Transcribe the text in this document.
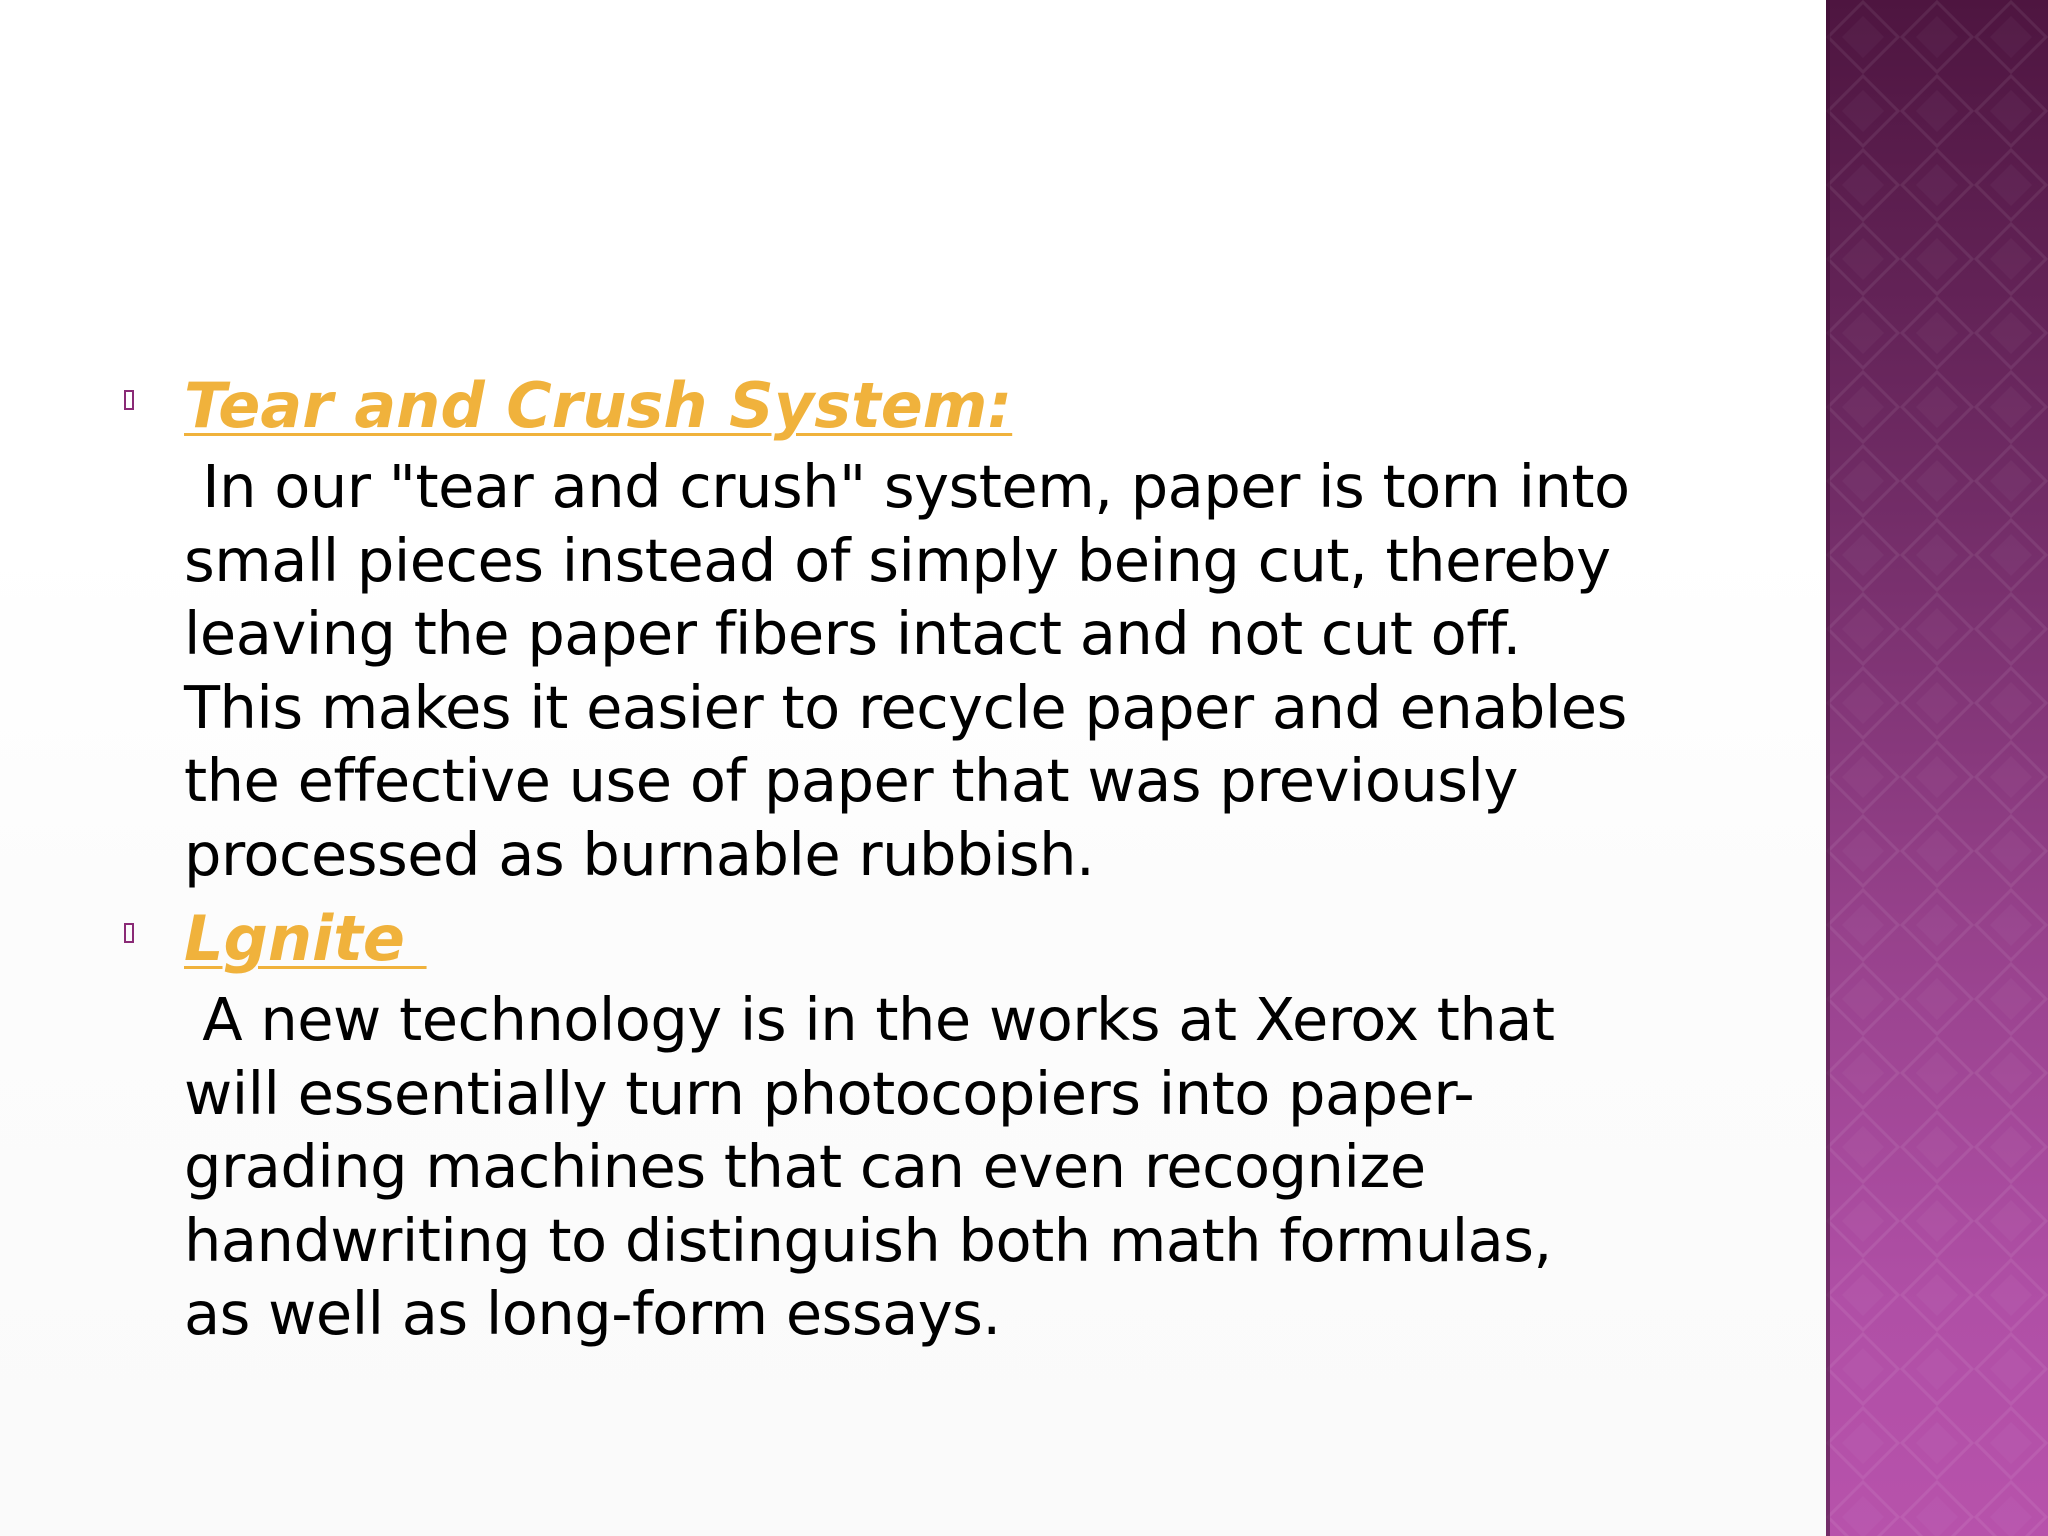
Tear and Crush System:

In our "tear and crush" system, paper is torn into
small pieces instead of simply being cut, thereby
leaving the paper fibers intact and not cut off.
This makes it easier to recycle paper and enables
the effective use of paper that was previously
processed as burnable rubbish.

Lgnite

A new technology is in the works at Xerox that
will essentially turn photocopiers into paper-
grading machines that can even recognize
handwriting to distinguish both math formulas,
as well as long-form essays.
